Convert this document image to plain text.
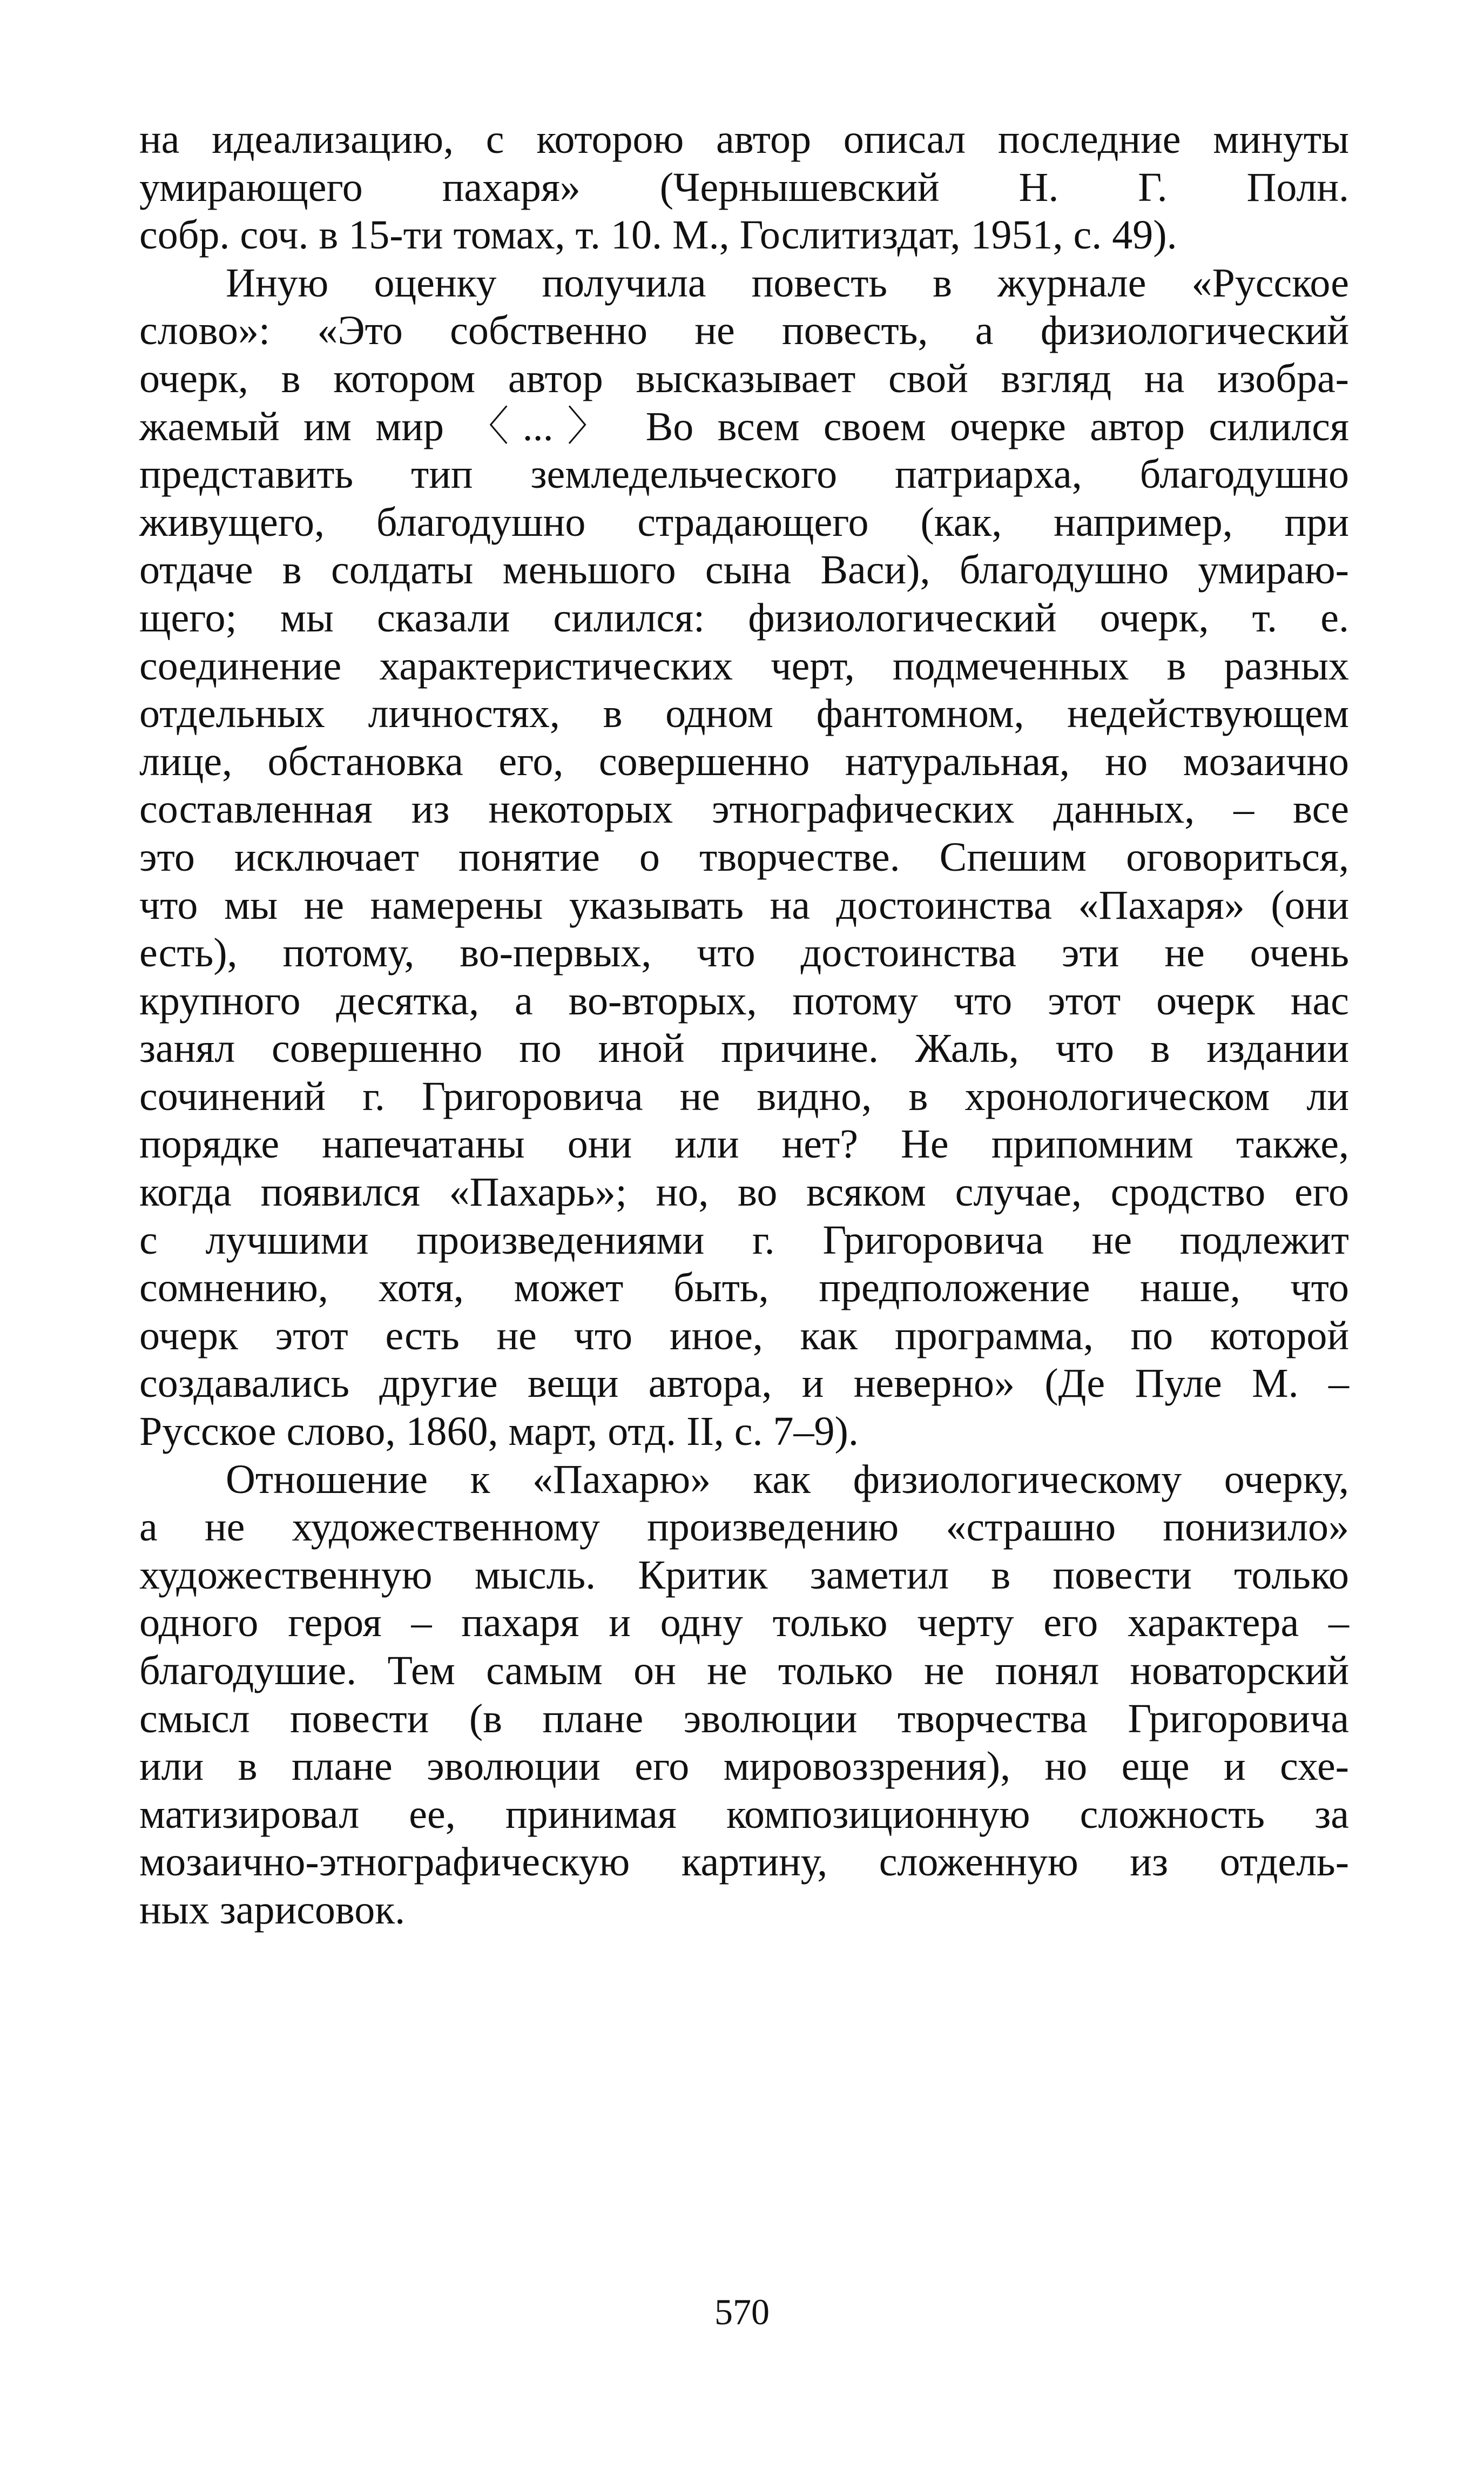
на идеализацию, с которою автор описал последние минуты
умирающего пахаря» (Чернышевский Н. Г. Полн.
собр. соч. в 15-ти томах, т. 10. М., Гослитиздат, 1951, с. 49).

Иную оценку получила повесть в журнале «Русское
слово»: «Это собственно не повесть, а физиологический
очерк, в котором автор высказывает свой взгляд на изобра-
жаемый им мир 〈...〉 Во всем своем очерке автор силился
представить тип земледельческого патриарха, благодушно
живущего, благодушно страдающего (как, например, при
отдаче в солдаты меньшого сына Васи), благодушно умираю-
щего; мы сказали силился: физиологический очерк, т. е.
соединение характеристических черт, подмеченных в разных
отдельных личностях, в одном фантомном, недействующем
лице, обстановка его, совершенно натуральная, но мозаично
составленная из некоторых этнографических данных, – все
это исключает понятие о творчестве. Спешим оговориться,
что мы не намерены указывать на достоинства «Пахаря» (они
есть), потому, во-первых, что достоинства эти не очень
крупного десятка, а во-вторых, потому что этот очерк нас
занял совершенно по иной причине. Жаль, что в издании
сочинений г. Григоровича не видно, в хронологическом ли
порядке напечатаны они или нет? Не припомним также,
когда появился «Пахарь»; но, во всяком случае, сродство его
с лучшими произведениями г. Григоровича не подлежит
сомнению, хотя, может быть, предположение наше, что
очерк этот есть не что иное, как программа, по которой
создавались другие вещи автора, и неверно» (Де Пуле М. –
Русское слово, 1860, март, отд. II, с. 7–9).

Отношение к «Пахарю» как физиологическому очерку,
а не художественному произведению «страшно понизило»
художественную мысль. Критик заметил в повести только
одного героя – пахаря и одну только черту его характера –
благодушие. Тем самым он не только не понял новаторский
смысл повести (в плане эволюции творчества Григоровича
или в плане эволюции его мировоззрения), но еще и схе-
матизировал ее, принимая композиционную сложность за
мозаично-этнографическую картину, сложенную из отдель-
ных зарисовок.

570
